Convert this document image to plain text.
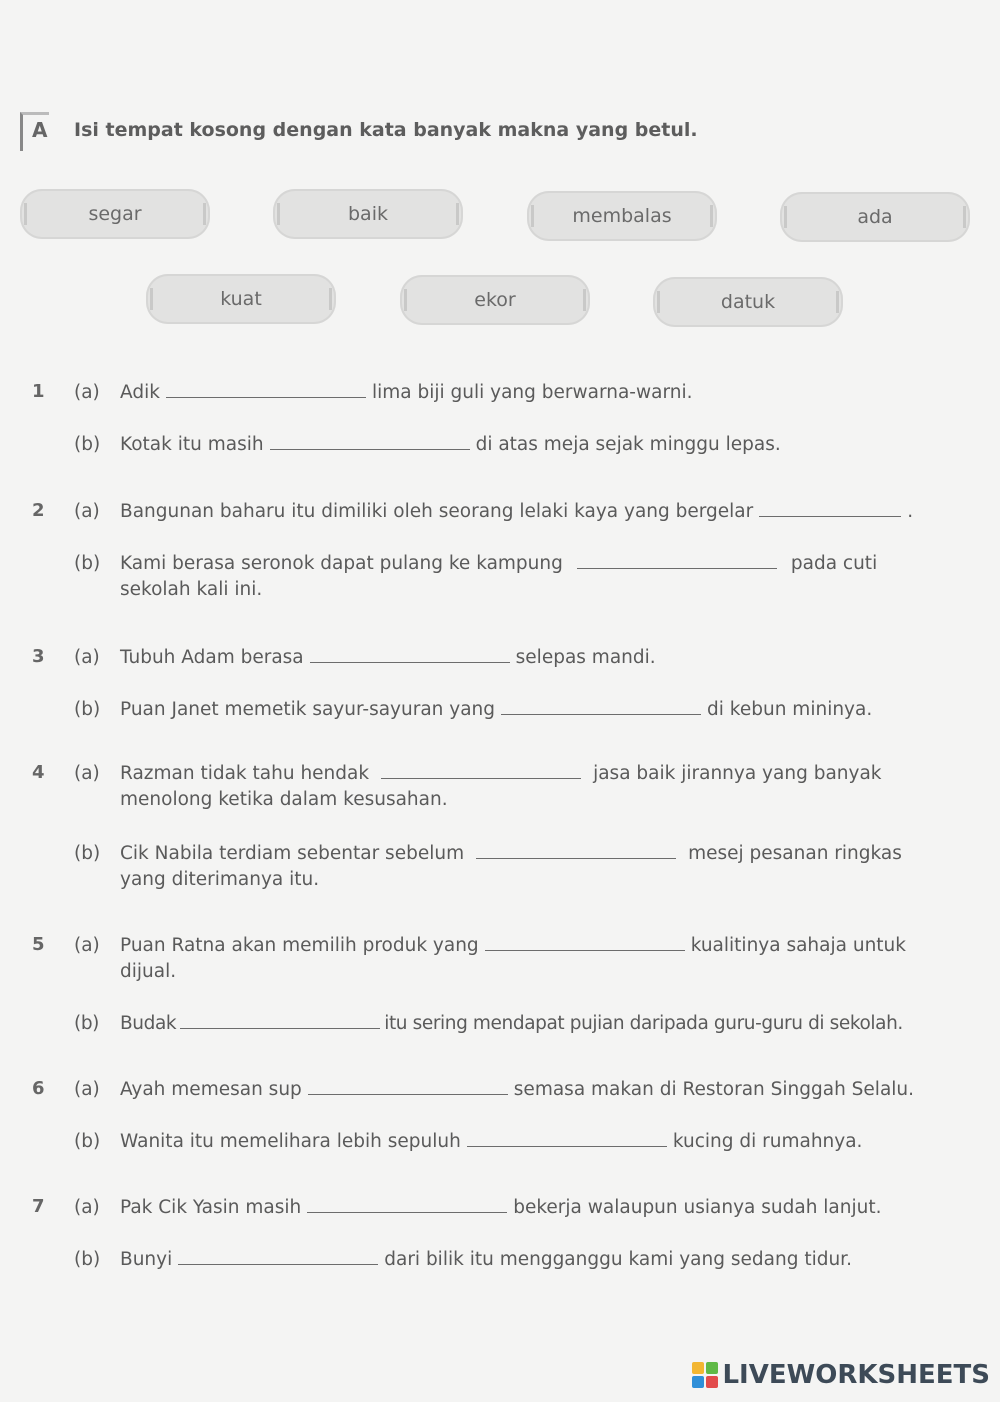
A Isi tempat kosong dengan kata banyak makna yang betul.
segar	baik	membalas	ada
kuat	ekor	datuk
1 (a) Adik	lima biji guli yang berwarna-warni.
(b) Kotak itu masih	di atas meja sejak minggu lepas.
2 (a) Bangunan baharu itu dimiliki oleh seorang lelaki kaya yang bergelar	.
(b) Kami berasa seronok dapat pulang ke kampung	pada cuti
sekolah kali ini.
3 (a) Tubuh Adam berasa	selepas mandi.
(b) Puan Janet memetik sayur-sayuran yang	di kebun mininya.
4 (a) Razman tidak tahu hendak	jasa baik jirannya yang banyak
menolong ketika dalam kesusahan.
(b) Cik Nabila terdiam sebentar sebelum	mesej pesanan ringkas
yang diterimanya itu.
5 (a) Puan Ratna akan memilih produk yang	kualitinya sahaja untuk
dijual.
(b) Budak	itu sering mendapat pujian daripada guru-guru di sekolah.
6 (a) Ayah memesan sup	semasa makan di Restoran Singgah Selalu.
(b) Wanita itu memelihara lebih sepuluh	kucing di rumahnya.
7 (a) Pak Cik Yasin masih	bekerja walaupun usianya sudah lanjut.
(b) Bunyi	dari bilik itu mengganggu kami yang sedang tidur.
LIVEWORKSHEETS
